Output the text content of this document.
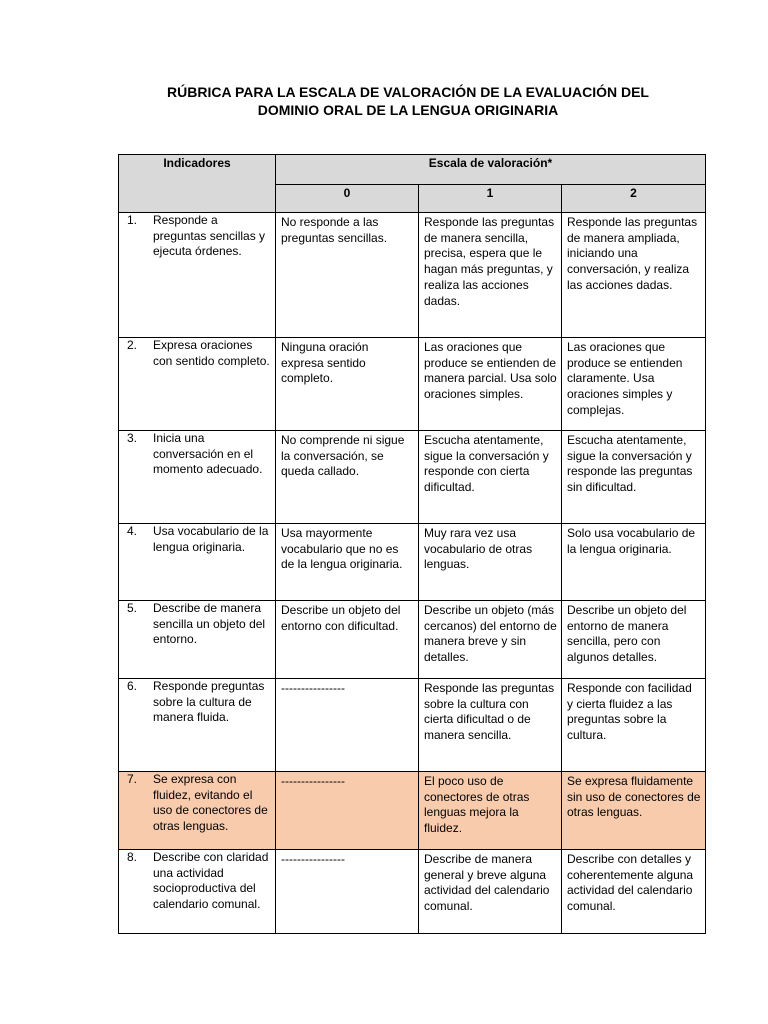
RÚBRICA PARA LA ESCALA DE VALORACIÓN DE LA EVALUACIÓN DEL
DOMINIO ORAL DE LA LENGUA ORIGINARIA
Indicadores	Escala de valoración*		
	0	1	2

1. Responde a preguntas sencillas y ejecuta órdenes.	No responde a las preguntas sencillas.	Responde las preguntas de manera sencilla, precisa, espera que le hagan más preguntas, y realiza las acciones dadas.	Responde las preguntas de manera ampliada, iniciando una conversación, y realiza las acciones dadas.

2. Expresa oraciones con sentido completo.	Ninguna oración expresa sentido completo.	Las oraciones que produce se entienden de manera parcial. Usa solo oraciones simples.	Las oraciones que produce se entienden claramente. Usa oraciones simples y complejas.

3. Inicia una conversación en el momento adecuado.	No comprende ni sigue la conversación, se queda callado.	Escucha atentamente, sigue la conversación y responde con cierta dificultad.	Escucha atentamente, sigue la conversación y responde las preguntas sin dificultad.

4. Usa vocabulario de la lengua originaria.	Usa mayormente vocabulario que no es de la lengua originaria.	Muy rara vez usa vocabulario de otras lenguas.	Solo usa vocabulario de la lengua originaria.

5. Describe de manera sencilla un objeto del entorno.	Describe un objeto del entorno con dificultad.	Describe un objeto (más cercanos) del entorno de manera breve y sin detalles.	Describe un objeto del entorno de manera sencilla, pero con algunos detalles.

6. Responde preguntas sobre la cultura de manera fluida.	----------------	Responde las preguntas sobre la cultura con cierta dificultad o de manera sencilla.	Responde con facilidad y cierta fluidez a las preguntas sobre la cultura.

7. Se expresa con fluidez, evitando el uso de conectores de otras lenguas.	----------------	El poco uso de conectores de otras lenguas mejora la fluidez.	Se expresa fluidamente sin uso de conectores de otras lenguas.

8. Describe con claridad una actividad socioproductiva del calendario comunal.	----------------	Describe de manera general y breve alguna actividad del calendario comunal.	Describe con detalles y coherentemente alguna actividad del calendario comunal.
